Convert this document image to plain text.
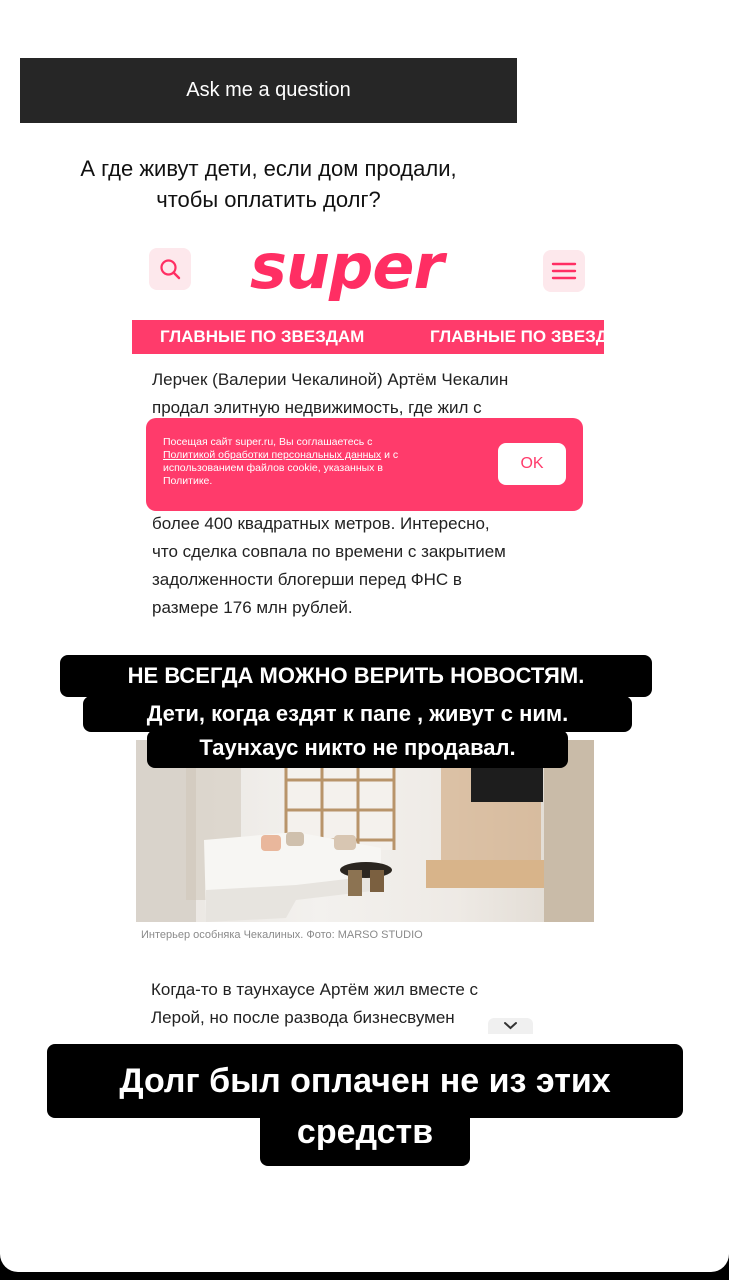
Ask me a question
А где живут дети, если дом продали,
чтобы оплатить долг?
super
ГЛАВНЫЕ ПО ЗВЕЗДАМ	ГЛАВНЫЕ ПО ЗВЕЗДАМ
Лерчек (Валерии Чекалиной) Артём Чекалин
продал элитную недвижимость, где жил с
более 400 квадратных метров. Интересно,
что сделка совпала по времени с закрытием
задолженности блогерши перед ФНС в
размере 176 млн рублей.
Посещая сайт super.ru, Вы соглашаетесь с
Политикой обработки персональных данных и с
использованием файлов cookie, указанных в
Политике.
OK
Интерьер особняка Чекалиных. Фото: MARSO STUDIO
Когда-то в таунхаусе Артём жил вместе с
Лерой, но после развода бизнесвумен
НЕ ВСЕГДА МОЖНО ВЕРИТЬ НОВОСТЯМ.
Дети, когда ездят к папе , живут с ним.
Таунхаус никто не продавал.
Долг был оплачен не из этих
средств
